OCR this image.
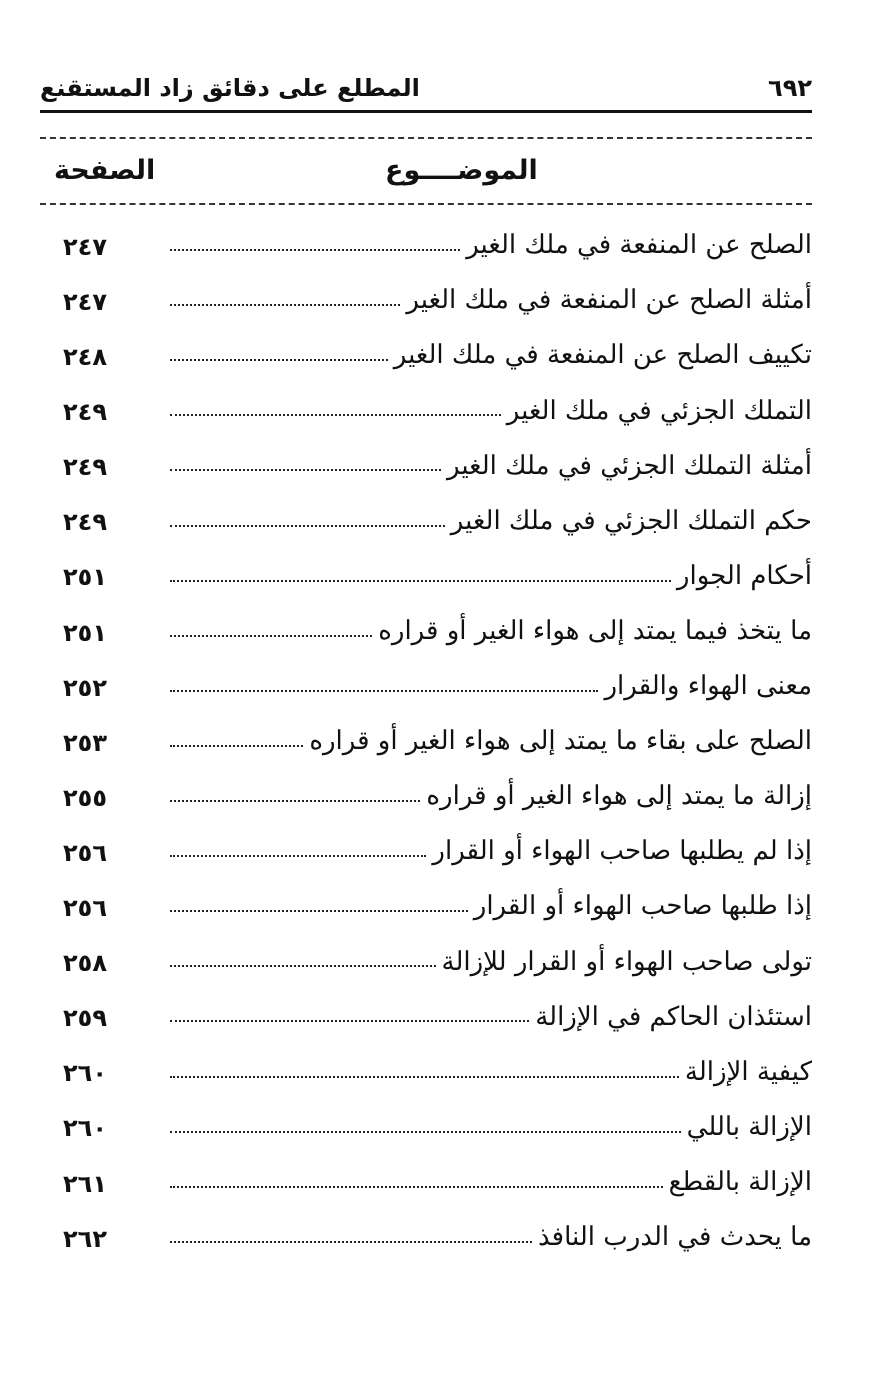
٦٩٢
المطلع على دقائق زاد المستقنع
الموضــــوع
الصفحة
الصلح عن المنفعة في ملك الغير
٢٤٧
أمثلة الصلح عن المنفعة في ملك الغير
٢٤٧
تكييف الصلح عن المنفعة في ملك الغير
٢٤٨
التملك الجزئي في ملك الغير
٢٤٩
أمثلة التملك الجزئي في ملك الغير
٢٤٩
حكم التملك الجزئي في ملك الغير
٢٤٩
أحكام الجوار
٢٥١
ما يتخذ فيما يمتد إلى هواء الغير أو قراره
٢٥١
معنى الهواء والقرار
٢٥٢
الصلح على بقاء ما يمتد إلى هواء الغير أو قراره
٢٥٣
إزالة ما يمتد إلى هواء الغير أو قراره
٢٥٥
إذا لم يطلبها صاحب الهواء أو القرار
٢٥٦
إذا طلبها صاحب الهواء أو القرار
٢٥٦
تولى صاحب الهواء أو القرار للإزالة
٢٥٨
استئذان الحاكم في الإزالة
٢٥٩
كيفية الإزالة
٢٦٠
الإزالة باللي
٢٦٠
الإزالة بالقطع
٢٦١
ما يحدث في الدرب النافذ
٢٦٢
